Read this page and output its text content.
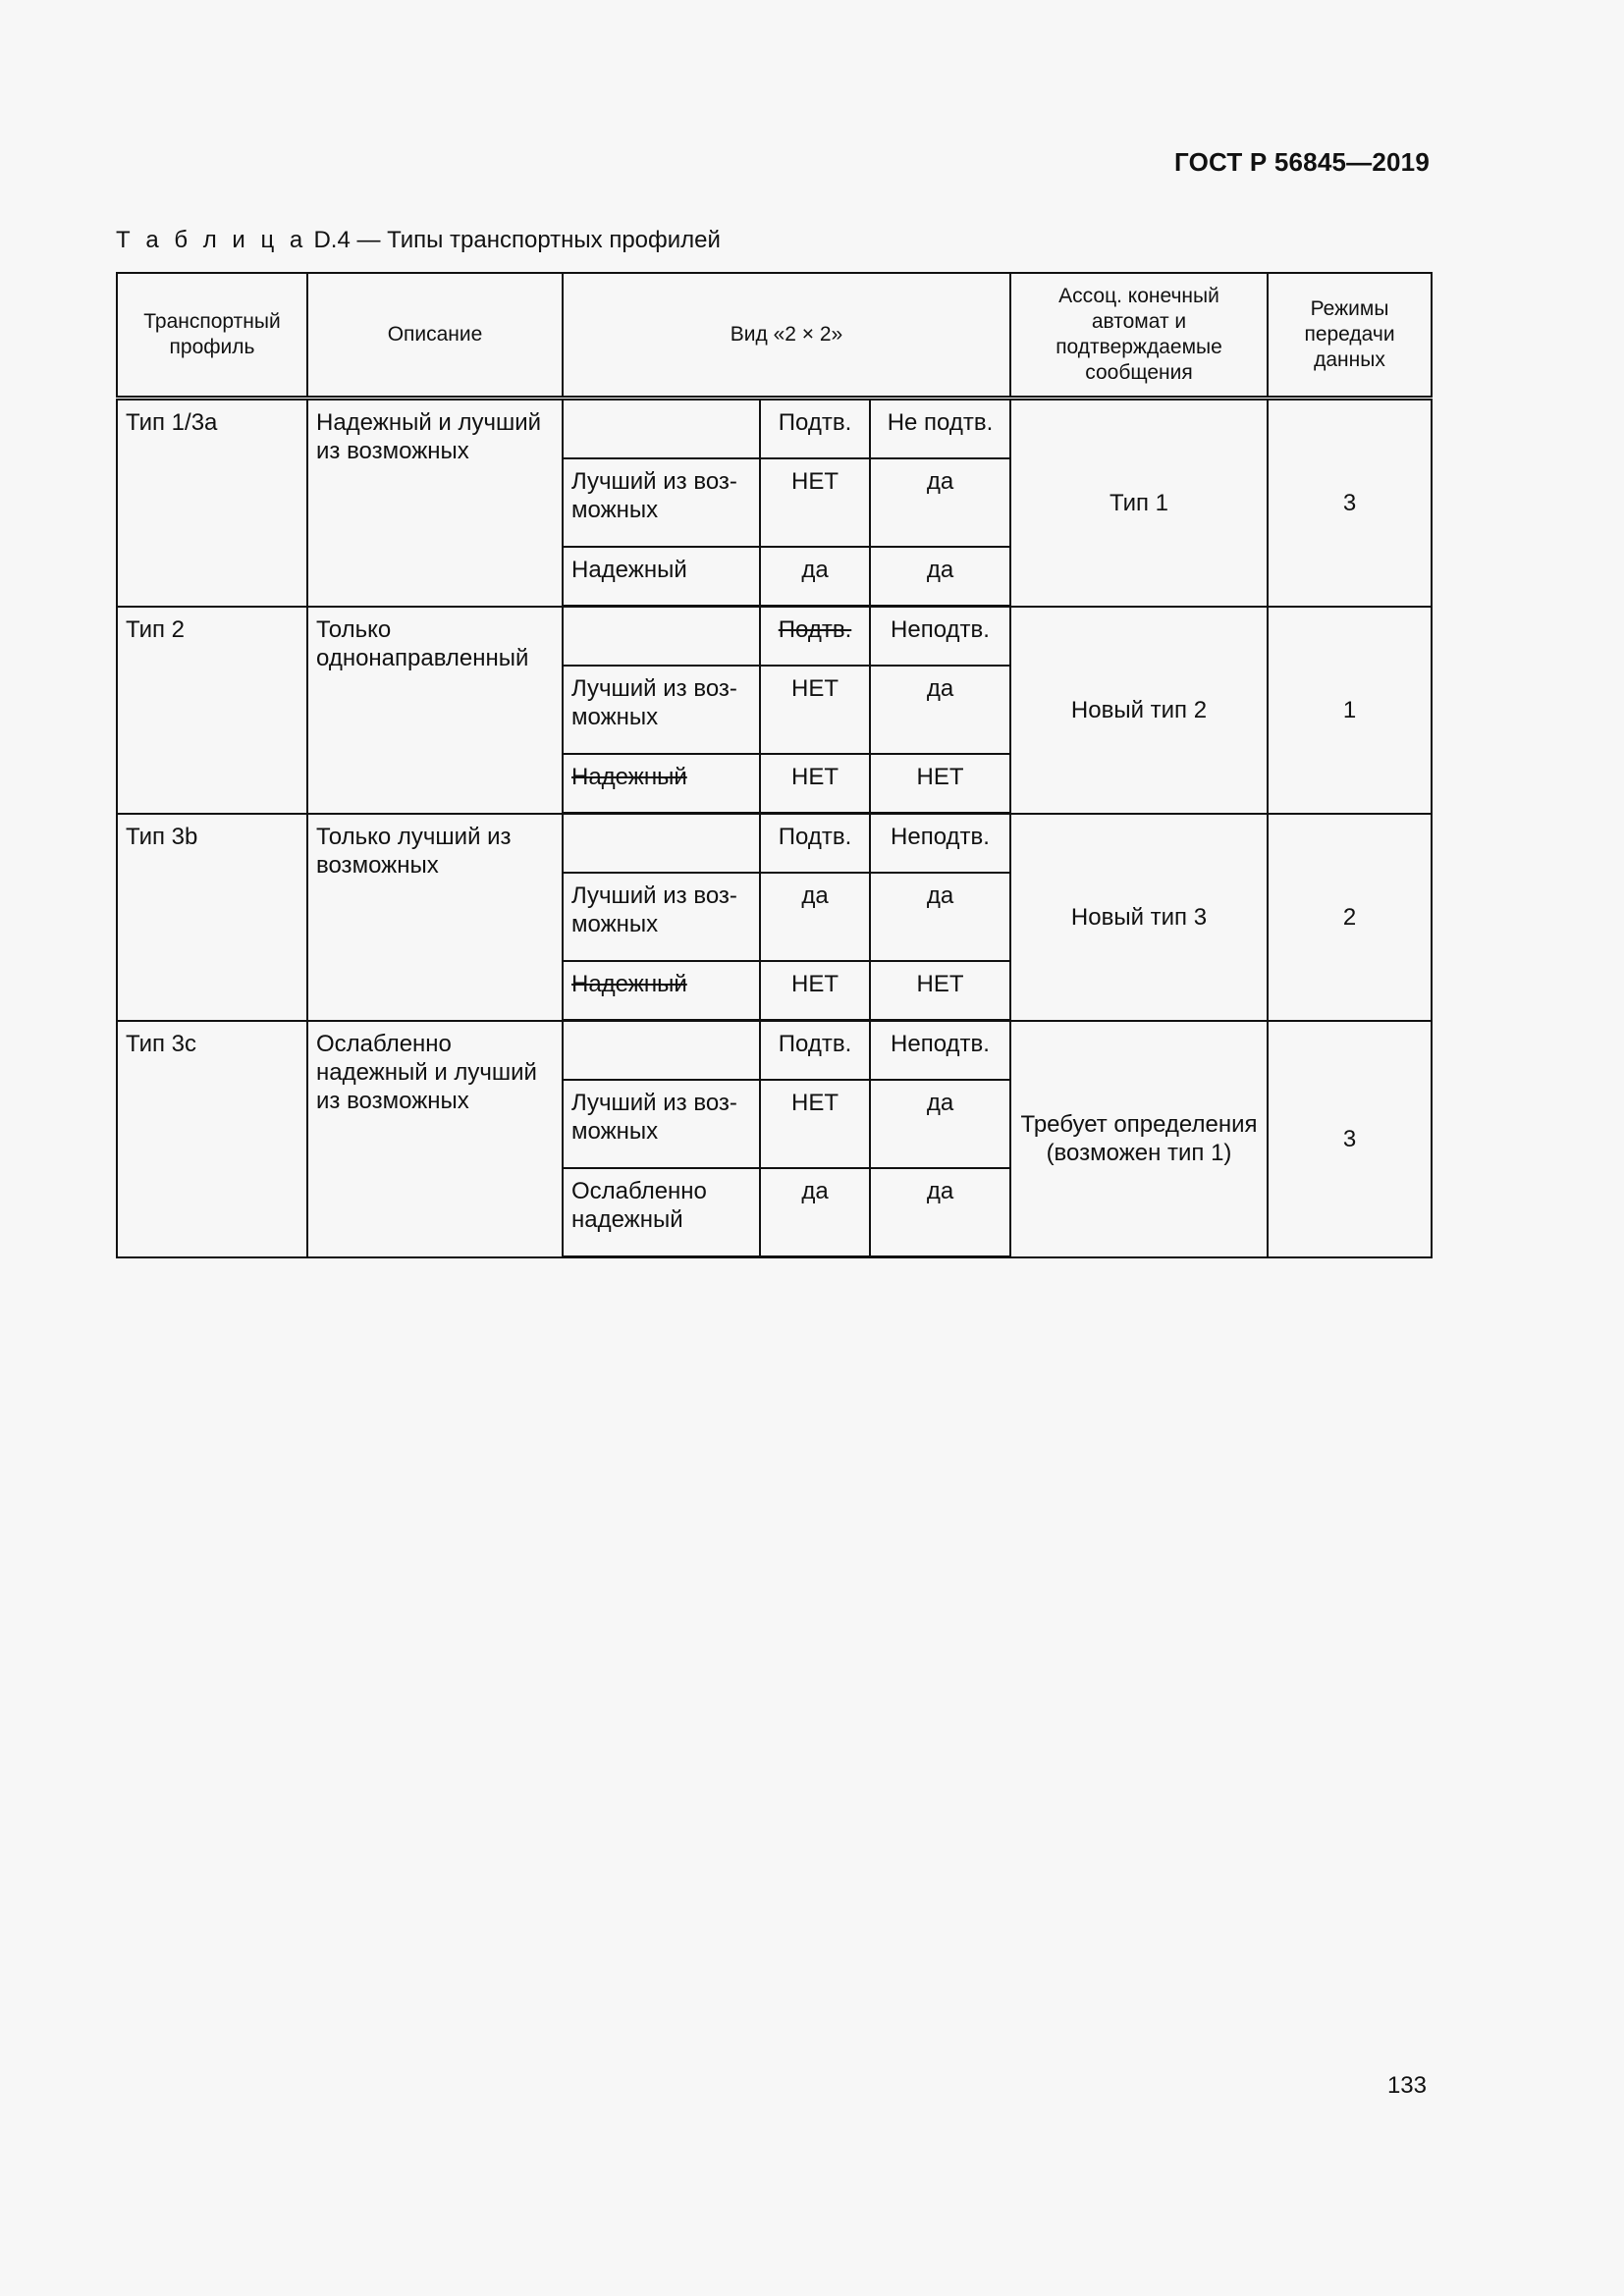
ГОСТ Р 56845—2019
Т а б л и ц а D.4 — Типы транспортных профилей
Транспортный профиль	Описание	Вид «2 × 2»			Ассоц. конечный автомат и подтверждаемые сообщения	Режимы передачи данных
Тип 1/3а	Надежный и лучший из возможных		Подтв.	Не подтв.	Тип 1	3
		Лучший из воз-можных	НЕТ	да		
		Надежный	да	да		
Тип 2	Только однонаправленный		Подтв.	Неподтв.	Новый тип 2	1
		Лучший из воз-можных	НЕТ	да		
		Надежный	НЕТ	НЕТ		
Тип 3b	Только лучший из возможных		Подтв.	Неподтв.	Новый тип 3	2
		Лучший из воз-можных	да	да		
		Надежный	НЕТ	НЕТ		
Тип 3с	Ослабленно надежный и лучший из возможных		Подтв.	Неподтв.	Требует определения (возможен тип 1)	3
		Лучший из воз-можных	НЕТ	да		
		Ослабленно надежный	да	да		
133
